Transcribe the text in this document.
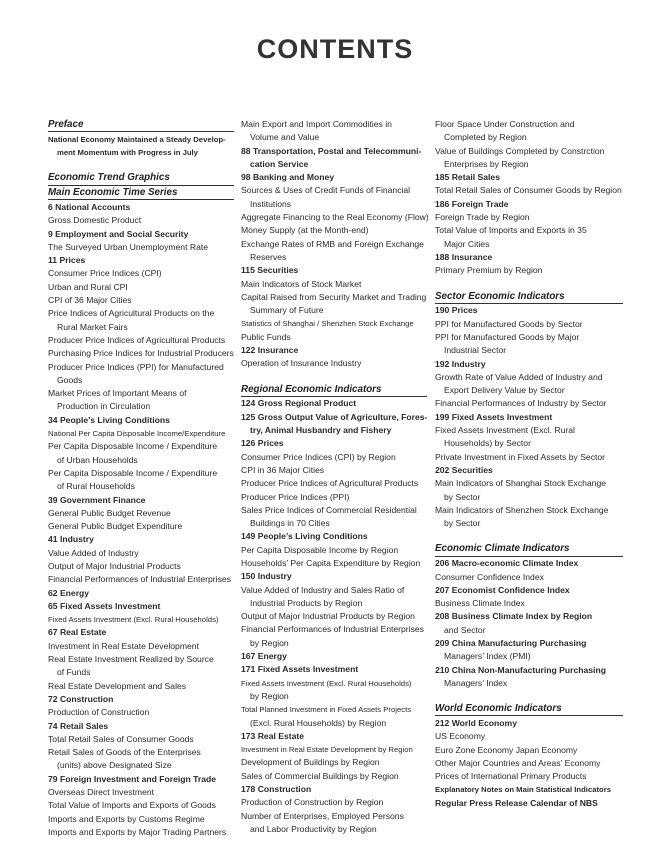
CONTENTS
Preface
National Economy Maintained a Steady Develop-
ment Momentum with Progress in July
Economic Trend Graphics
Main Economic Time Series
6 National Accounts
Gross Domestic Product
9 Employment and Social Security
The Surveyed Urban Unemployment Rate
11 Prices
Consumer Price Indices (CPI)
Urban and Rural CPI
CPI of 36 Major Cities
Price Indices of Agricultural Products on the
Rural Market Fairs
Producer Price Indices of Agricultural Products
Purchasing Price Indices for Industrial Producers
Producer Price Indices (PPI) for Manufactured
Goods
Market Prices of Important Means of
Production in Circulation
34 People’s Living Conditions
National Per Capita Disposable Income/Expenditure
Per Capita Disposable Income / Expenditure
of Urban Households
Per Capita Disposable Income / Expenditure
of Rural Households
39 Government Finance
General Public Budget Revenue
General Public Budget Expenditure
41 Industry
Value Added of Industry
Output of Major Industrial Products
Financial Performances of Industrial Enterprises
62 Energy
65 Fixed Assets Investment
Fixed Assets Investment (Excl. Rural Households)
67 Real Estate
Investment in Real Estate Development
Real Estate Investment Realized by Source
of Funds
Real Estate Development and Sales
72 Construction
Production of Construction
74 Retail Sales
Total Retail Sales of Consumer Goods
Retail Sales of Goods of the Enterprises
(units) above Designated Size
79 Foreign Investment and Foreign Trade
Overseas Direct Investment
Total Value of Imports and Exports of Goods
Imports and Exports by Customs Regime
Imports and Exports by Major Trading Partners
Main Export and Import Commodities in
Volume and Value
88 Transportation, Postal and Telecommuni-
cation Service
98 Banking and Money
Sources & Uses of Credit Funds of Financial
Institutions
Aggregate Financing to the Real Economy (Flow)
Money Supply (at the Month-end)
Exchange Rates of RMB and Foreign Exchange
Reserves
115 Securities
Main Indicators of Stock Market
Capital Raised from Security Market and Trading
Summary of Future
Statistics of Shanghai / Shenzhen Stock Exchange
Public Funds
122 Insurance
Operation of Insurance Industry
Regional Economic Indicators
124 Gross Regional Product
125 Gross Output Value of Agriculture, Fores-
try, Animal Husbandry and Fishery
126 Prices
Consumer Price Indices (CPI) by Region
CPI in 36 Major Cities
Producer Price Indices of Agricultural Products
Producer Price Indices (PPI)
Sales Price Indices of Commercial Residential
Buildings in 70 Cities
149 People’s Living Conditions
Per Capita Disposable Income by Region
Households’ Per Capita Expenditure by Region
150 Industry
Value Added of Industry and Sales Ratio of
Industrial Products by Region
Output of Major Industrial Products by Region
Financial Performances of Industrial Enterprises
by Region
167 Energy
171 Fixed Assets Investment
Fixed Assets Investment (Excl. Rural Households)
by Region
Total Planned Investment in Fixed Assets Projects
(Excl. Rural Households) by Region
173 Real Estate
Investment in Real Estate Development by Region
Development of Buildings by Region
Sales of Commercial Buildings by Region
178 Construction
Production of Construction by Region
Number of Enterprises, Employed Persons
and Labor Productivity by Region
Floor Space Under Construction and
Completed by Region
Value of Buildings Completed by Constrction
Enterprises by Region
185 Retail Sales
Total Retail Sales of Consumer Goods by Region
186 Foreign Trade
Foreign Trade by Region
Total Value of Imports and Exports in 35
Major Cities
188 Insurance
Primary Premium by Region
Sector Economic Indicators
190 Prices
PPI for Manufactured Goods by Sector
PPI for Manufactured Goods by Major
Industrial Sector
192 Industry
Growth Rate of Value Added of Industry and
Export Delivery Value by Sector
Financial Performances of Industry by Sector
199 Fixed Assets Investment
Fixed Assets Investment (Excl. Rural
Households) by Sector
Private Investment in Fixed Assets by Sector
202 Securities
Main Indicators of Shanghai Stock Exchange
by Sector
Main Indicators of Shenzhen Stock Exchange
by Sector
Economic Climate Indicators
206 Macro-economic Climate Index
Consumer Confidence Index
207 Economist Confidence Index
Business Climate Index
208 Business Climate Index by Region
and Sector
209 China Manufacturing Purchasing
Managers’ Index (PMI)
210 China Non-Manufacturing Purchasing
Managers’ Index
World Economic Indicators
212 World Economy
US Economy
Euro Zone Economy Japan Economy
Other Major Countries and Areas’ Economy
Prices of International Primary Products
Explanatory Notes on Main Statistical Indicators
Regular Press Release Calendar of NBS
